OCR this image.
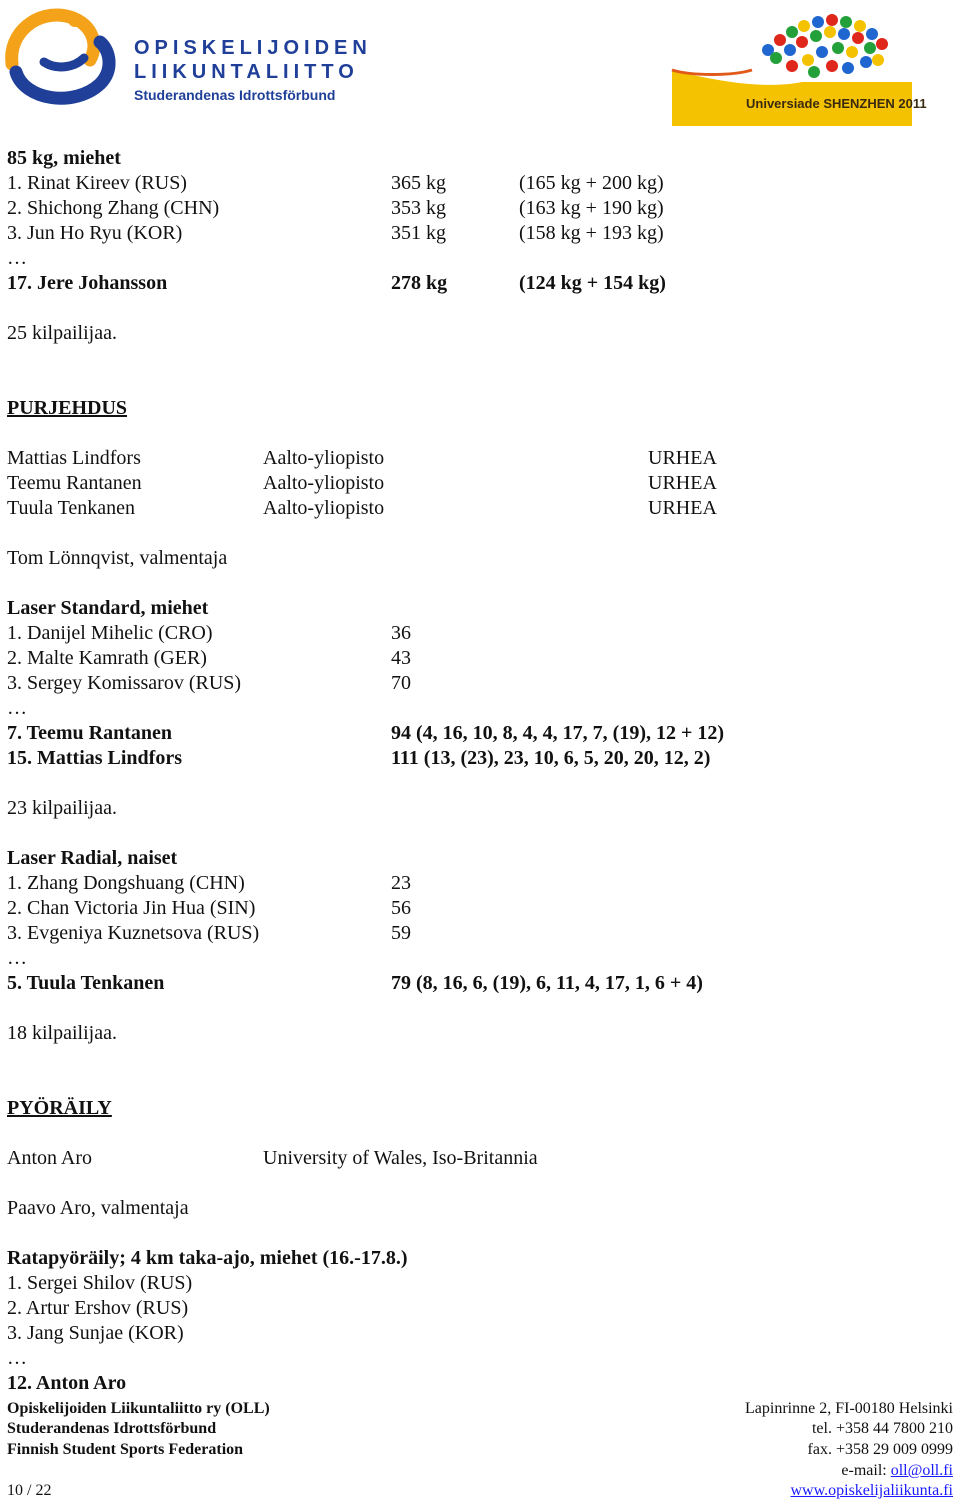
OPISKELIJOIDEN
LIIKUNTALIITTO
Studerandenas Idrottsförbund
Universiade SHENZHEN 2011
85 kg, miehet
1. Rinat Kireev (RUS)	365 kg	(165 kg + 200 kg)
2. Shichong Zhang (CHN)	353 kg	(163 kg + 190 kg)
3. Jun Ho Ryu (KOR)	351 kg	(158 kg + 193 kg)
…
17. Jere Johansson	278 kg	(124 kg + 154 kg)
25 kilpailijaa.
PURJEHDUS
Mattias Lindfors	Aalto-yliopisto	URHEA
Teemu Rantanen	Aalto-yliopisto	URHEA
Tuula Tenkanen	Aalto-yliopisto	URHEA
Tom Lönnqvist, valmentaja
Laser Standard, miehet
1. Danijel Mihelic (CRO)	36
2. Malte Kamrath (GER)	43
3. Sergey Komissarov (RUS)	70
…
7. Teemu Rantanen	94 (4, 16, 10, 8, 4, 4, 17, 7, (19), 12 + 12)
15. Mattias Lindfors	111 (13, (23), 23, 10, 6, 5, 20, 20, 12, 2)
23 kilpailijaa.
Laser Radial, naiset
1. Zhang Dongshuang (CHN)	23
2. Chan Victoria Jin Hua (SIN)	56
3. Evgeniya Kuznetsova (RUS)	59
…
5. Tuula Tenkanen	79 (8, 16, 6, (19), 6, 11, 4, 17, 1, 6 + 4)
18 kilpailijaa.
PYÖRÄILY
Anton Aro	University of Wales, Iso-Britannia
Paavo Aro, valmentaja
Ratapyöräily; 4 km taka-ajo, miehet (16.-17.8.)
1. Sergei Shilov (RUS)
2. Artur Ershov (RUS)
3. Jang Sunjae (KOR)
…
12. Anton Aro
Opiskelijoiden Liikuntaliitto ry (OLL)
Studerandenas Idrottsförbund
Finnish Student Sports Federation
10 / 22
Lapinrinne 2, FI-00180 Helsinki
tel. +358 44 7800 210
fax. +358 29 009 0999
e-mail: oll@oll.fi
www.opiskelijaliikunta.fi
